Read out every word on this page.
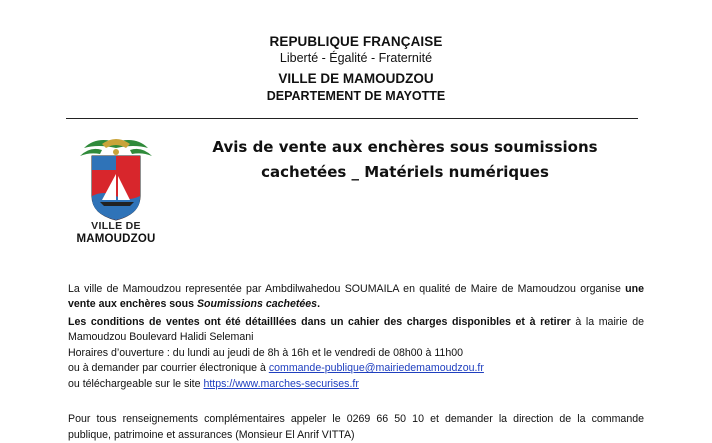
REPUBLIQUE FRANÇAISE
Liberté - Égalité - Fraternité
VILLE DE MAMOUDZOU
DEPARTEMENT DE MAYOTTE
VILLE DE
MAMOUDZOU
Avis de vente aux enchères sous soumissions
cachetées _ Matériels numériques
La ville de Mamoudzou representée par Ambdilwahedou SOUMAILA en qualité de Maire de Mamoudzou organise une
vente aux enchères sous Soumissions cachetées.
Les conditions de ventes ont été détailllées dans un cahier des charges disponibles et à retirer à la mairie de
Mamoudzou Boulevard Halidi Selemani
Horaires d’ouverture : du lundi au jeudi de 8h à 16h et le vendredi de 08h00 à 11h00
ou à demander par courrier électronique à commande-publique@mairiedemamoudzou.fr
ou téléchargeable sur le site https://www.marches-securises.fr
Pour tous renseignements complémentaires appeler le 0269 66 50 10 et demander la direction de la commande
publique, patrimoine et assurances (Monsieur El Anrif VITTA)
